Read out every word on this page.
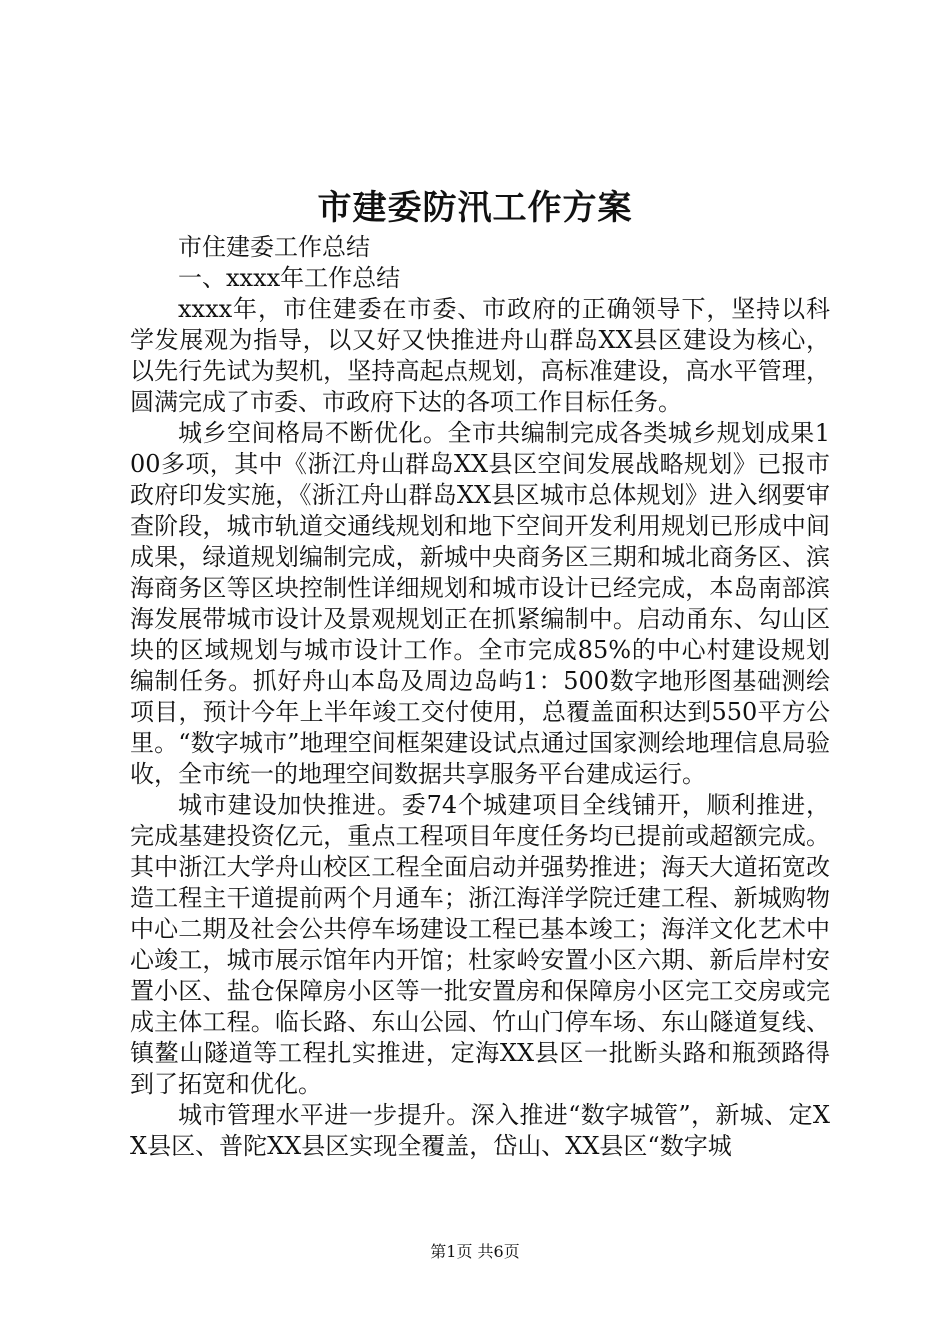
市建委防汛工作方案

市住建委工作总结

一、xxxx年工作总结

xxxx年，市住建委在市委、市政府的正确领导下，坚持以科学发展观为指导，以又好又快推进舟山群岛XX县区建设为核心，以先行先试为契机，坚持高起点规划，高标准建设，高水平管理，圆满完成了市委、市政府下达的各项工作目标任务。

城乡空间格局不断优化。全市共编制完成各类城乡规划成果100多项，其中《浙江舟山群岛XX县区空间发展战略规划》已报市政府印发实施，《浙江舟山群岛XX县区城市总体规划》进入纲要审查阶段，城市轨道交通线规划和地下空间开发利用规划已形成中间成果，绿道规划编制完成，新城中央商务区三期和城北商务区、滨海商务区等区块控制性详细规划和城市设计已经完成，本岛南部滨海发展带城市设计及景观规划正在抓紧编制中。启动甬东、勾山区块的区域规划与城市设计工作。全市完成85%的中心村建设规划编制任务。抓好舟山本岛及周边岛屿1：500数字地形图基础测绘项目，预计今年上半年竣工交付使用，总覆盖面积达到550平方公里。“数字城市”地理空间框架建设试点通过国家测绘地理信息局验收，全市统一的地理空间数据共享服务平台建成运行。

城市建设加快推进。委74个城建项目全线铺开，顺利推进，完成基建投资亿元，重点工程项目年度任务均已提前或超额完成。其中浙江大学舟山校区工程全面启动并强势推进；海天大道拓宽改造工程主干道提前两个月通车；浙江海洋学院迁建工程、新城购物中心二期及社会公共停车场建设工程已基本竣工；海洋文化艺术中心竣工，城市展示馆年内开馆；杜家岭安置小区六期、新后岸村安置小区、盐仓保障房小区等一批安置房和保障房小区完工交房或完成主体工程。临长路、东山公园、竹山门停车场、东山隧道复线、镇鳌山隧道等工程扎实推进，定海XX县区一批断头路和瓶颈路得到了拓宽和优化。

城市管理水平进一步提升。深入推进“数字城管”，新城、定XX县区、普陀XX县区实现全覆盖，岱山、XX县区“数字城

第1页 共6页
